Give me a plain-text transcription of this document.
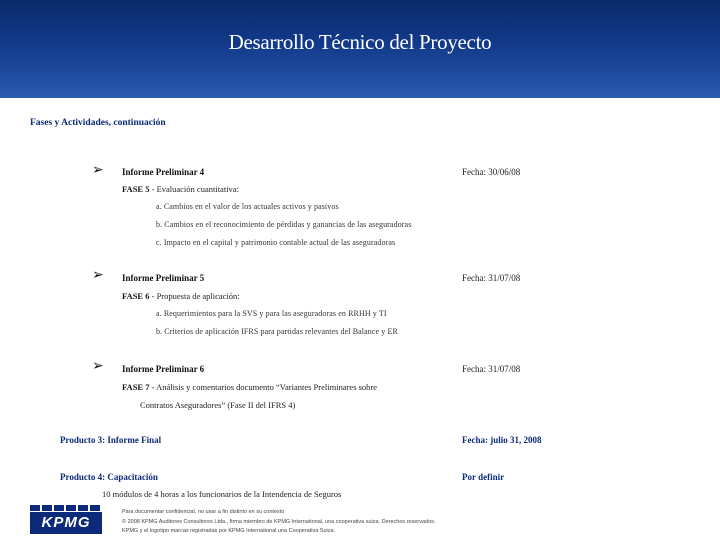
Desarrollo Técnico del Proyecto
Fases y Actividades, continuación
➢ Informe Preliminar 4	Fecha: 30/06/08
FASE 5 - Evaluación cuantitativa:
a. Cambios en el valor de los actuales activos y pasivos
b. Cambios en el reconocimiento de pérdidas y ganancias de las aseguradoras
c. Impacto en el capital y patrimonio contable actual de las aseguradoras
➢ Informe Preliminar 5	Fecha: 31/07/08
FASE 6 - Propuesta de aplicación:
a. Requerimientos para la SVS y para las aseguradoras en RRHH y TI
b. Criterios de aplicación IFRS para partidas relevantes del Balance y ER
➢ Informe Preliminar 6	Fecha: 31/07/08
FASE 7 - Análisis y comentarios documento “Variantes Preliminares sobre
Contratos Aseguradores” (Fase II del IFRS 4)
Producto 3: Informe Final	Fecha: julio 31, 2008
Producto 4: Capacitación	Por definir
10 módulos de 4 horas a los funcionarios de la Intendencia de Seguros
KPMG
Para documentar confidencial, no usar a fin distinto en su contexto
© 2008 KPMG Auditores Consultores Ltda., firma miembro de KPMG International, una cooperativa suiza. Derechos reservados.
KPMG y el logotipo marcas registradas por KPMG International una Cooperativa Suiza.
